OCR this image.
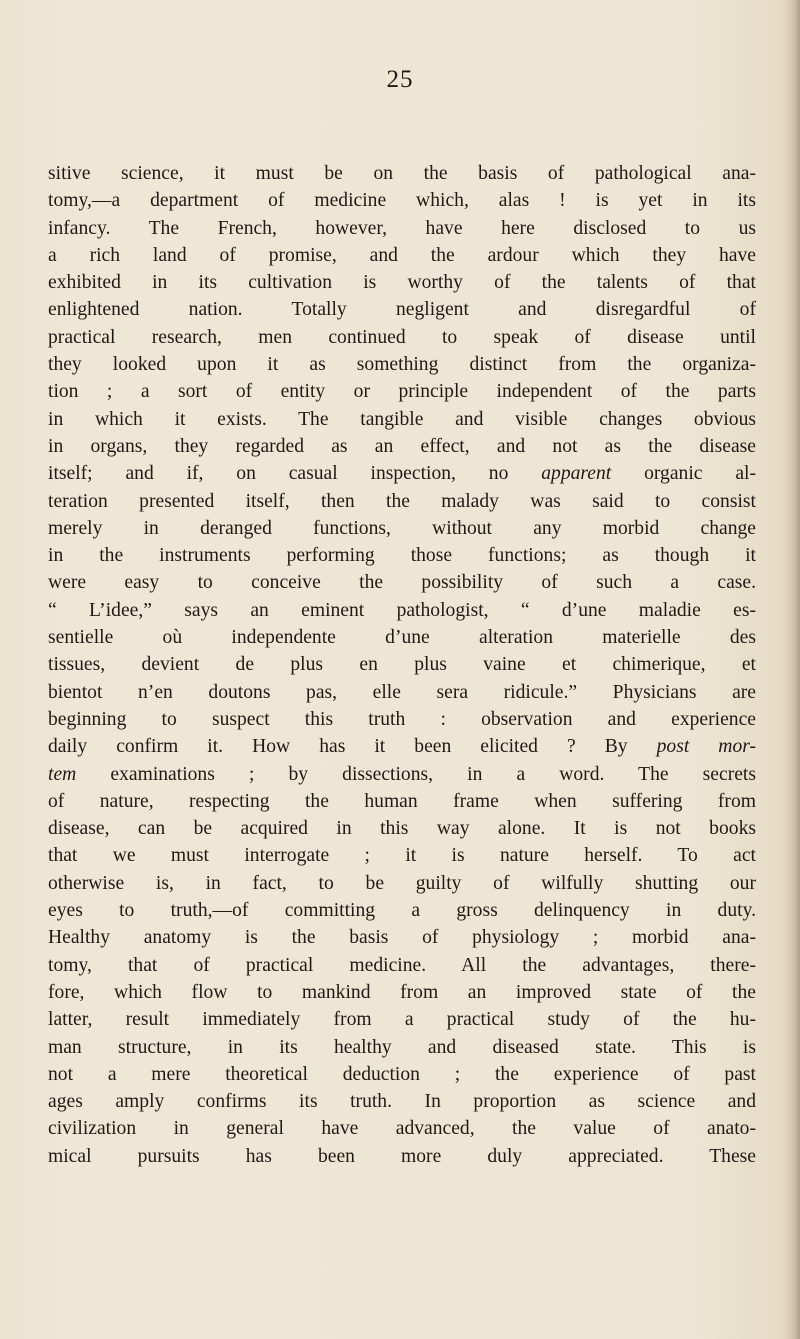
25
sitive science, it must be on the basis of pathological ana-
tomy,—a department of medicine which, alas ! is yet in its
infancy. The French, however, have here disclosed to us
a rich land of promise, and the ardour which they have
exhibited in its cultivation is worthy of the talents of that
enlightened nation. Totally negligent and disregardful of
practical research, men continued to speak of disease until
they looked upon it as something distinct from the organiza-
tion ; a sort of entity or principle independent of the parts
in which it exists. The tangible and visible changes obvious
in organs, they regarded as an effect, and not as the disease
itself; and if, on casual inspection, no apparent organic al-
teration presented itself, then the malady was said to consist
merely in deranged functions, without any morbid change
in the instruments performing those functions; as though it
were easy to conceive the possibility of such a case.
“ L’idee,” says an eminent pathologist, “ d’une maladie es-
sentielle où independente d’une alteration materielle des
tissues, devient de plus en plus vaine et chimerique, et
bientot n’en doutons pas, elle sera ridicule.” Physicians are
beginning to suspect this truth : observation and experience
daily confirm it. How has it been elicited ? By post mor-
tem examinations ; by dissections, in a word. The secrets
of nature, respecting the human frame when suffering from
disease, can be acquired in this way alone. It is not books
that we must interrogate ; it is nature herself. To act
otherwise is, in fact, to be guilty of wilfully shutting our
eyes to truth,—of committing a gross delinquency in duty.
Healthy anatomy is the basis of physiology ; morbid ana-
tomy, that of practical medicine. All the advantages, there-
fore, which flow to mankind from an improved state of the
latter, result immediately from a practical study of the hu-
man structure, in its healthy and diseased state. This is
not a mere theoretical deduction ; the experience of past
ages amply confirms its truth. In proportion as science and
civilization in general have advanced, the value of anato-
mical pursuits has been more duly appreciated. These
